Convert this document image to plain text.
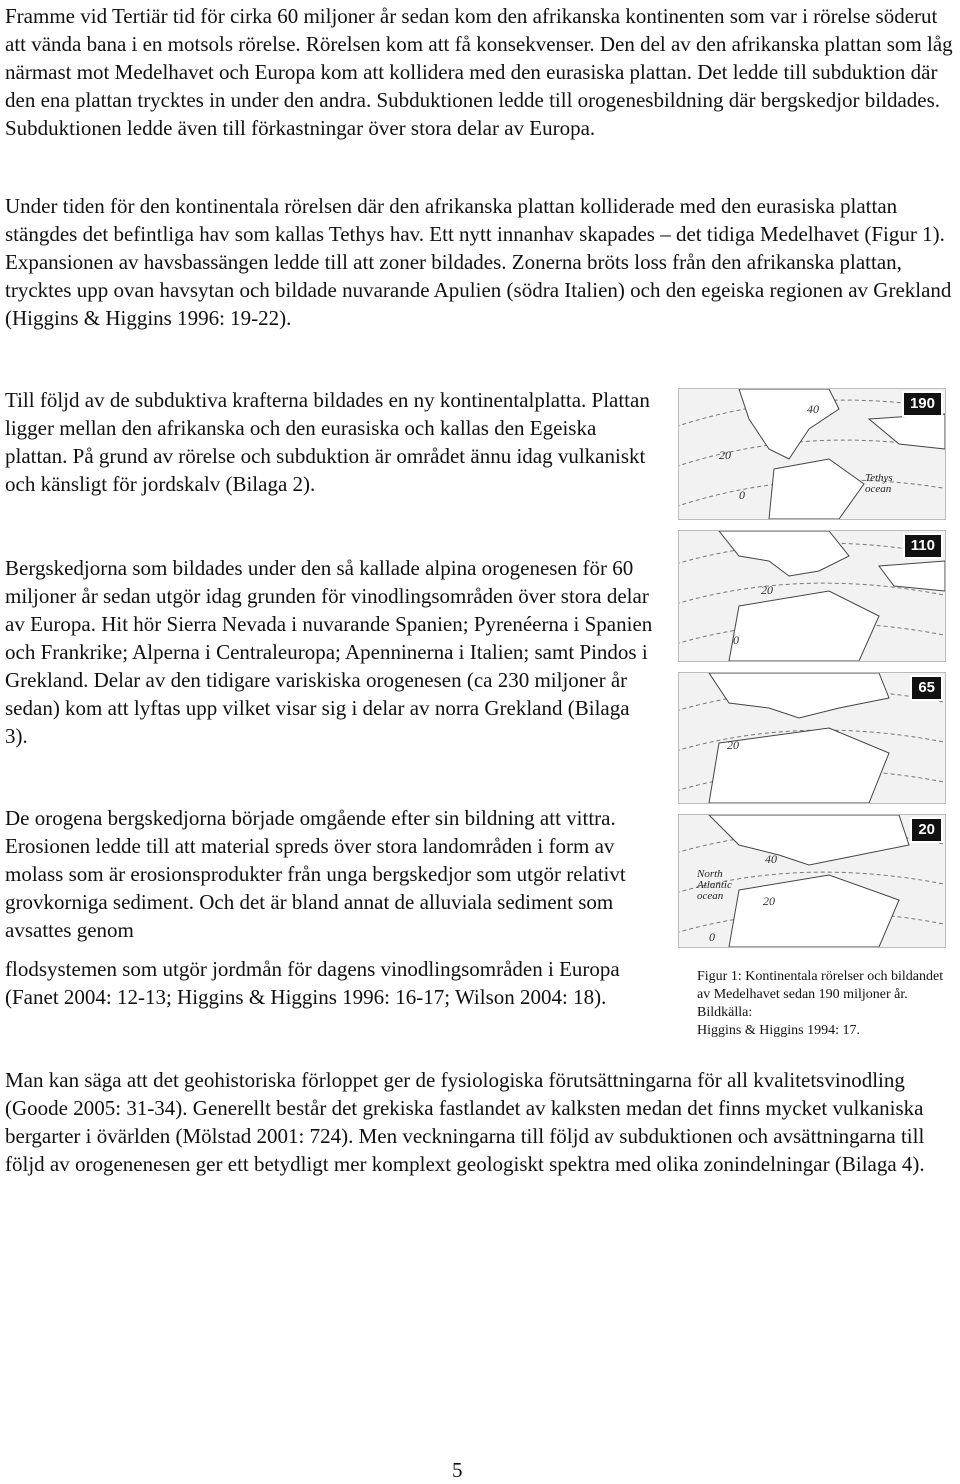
Framme vid Tertiär tid för cirka 60 miljoner år sedan kom den afrikanska kontinenten som var i rörelse söderut att vända bana i en motsols rörelse. Rörelsen kom att få konsekvenser. Den del av den afrikanska plattan som låg närmast mot Medelhavet och Europa kom att kollidera med den eurasiska plattan. Det ledde till subduktion där den ena plattan trycktes in under den andra. Subduktionen ledde till orogenesbildning där bergskedjor bildades. Subduktionen ledde även till förkastningar över stora delar av Europa.

Under tiden för den kontinentala rörelsen där den afrikanska plattan kolliderade med den eurasiska plattan stängdes det befintliga hav som kallas Tethys hav. Ett nytt innanhav skapades – det tidiga Medelhavet (Figur 1). Expansionen av havsbassängen ledde till att zoner bildades. Zonerna bröts loss från den afrikanska plattan, trycktes upp ovan havsytan och bildade nuvarande Apulien (södra Italien) och den egeiska regionen av Grekland (Higgins & Higgins 1996: 19-22).

Till följd av de subduktiva krafterna bildades en ny kontinentalplatta. Plattan ligger mellan den afrikanska och den eurasiska och kallas den Egeiska plattan. På grund av rörelse och subduktion är området ännu idag vulkaniskt och känsligt för jordskalv (Bilaga 2).

Bergskedjorna som bildades under den så kallade alpina orogenesen för 60 miljoner år sedan utgör idag grunden för vinodlingsområden över stora delar av Europa. Hit hör Sierra Nevada i nuvarande Spanien; Pyrenéerna i Spanien och Frankrike; Alperna i Centraleuropa; Apenninerna i Italien; samt Pindos i Grekland. Delar av den tidigare variskiska orogenesen (ca 230 miljoner år sedan) kom att lyftas upp vilket visar sig i delar av norra Grekland (Bilaga 3).

De orogena bergskedjorna började omgående efter sin bildning att vittra. Erosionen ledde till att material spreds över stora landområden i form av molass som är erosionsprodukter från unga bergskedjor som utgör relativt grovkorniga sediment. Och det är bland annat de alluviala sediment som avsattes genom

flodsystemen som utgör jordmån för dagens vinodlingsområden i Europa (Fanet 2004: 12-13; Higgins & Higgins 1996: 16-17; Wilson 2004: 18).

Man kan säga att det geohistoriska förloppet ger de fysiologiska förutsättningarna för all kvalitetsvinodling (Goode 2005: 31-34). Generellt består det grekiska fastlandet av kalksten medan det finns mycket vulkaniska bergarter i övärlden (Mölstad 2001: 724). Men veckningarna till följd av subduktionen och avsättningarna till följd av orogenenesen ger ett betydligt mer komplext geologiskt spektra med olika zonindelningar (Bilaga 4).

190
Tethys
ocean
40
20
0
110
20
0
65
20
20
North
Atlantic
ocean
40
20
0
Figur 1: Kontinentala rörelser och bildandet av Medelhavet sedan 190 miljoner år.
Bildkälla:
Higgins & Higgins 1994: 17.
5
